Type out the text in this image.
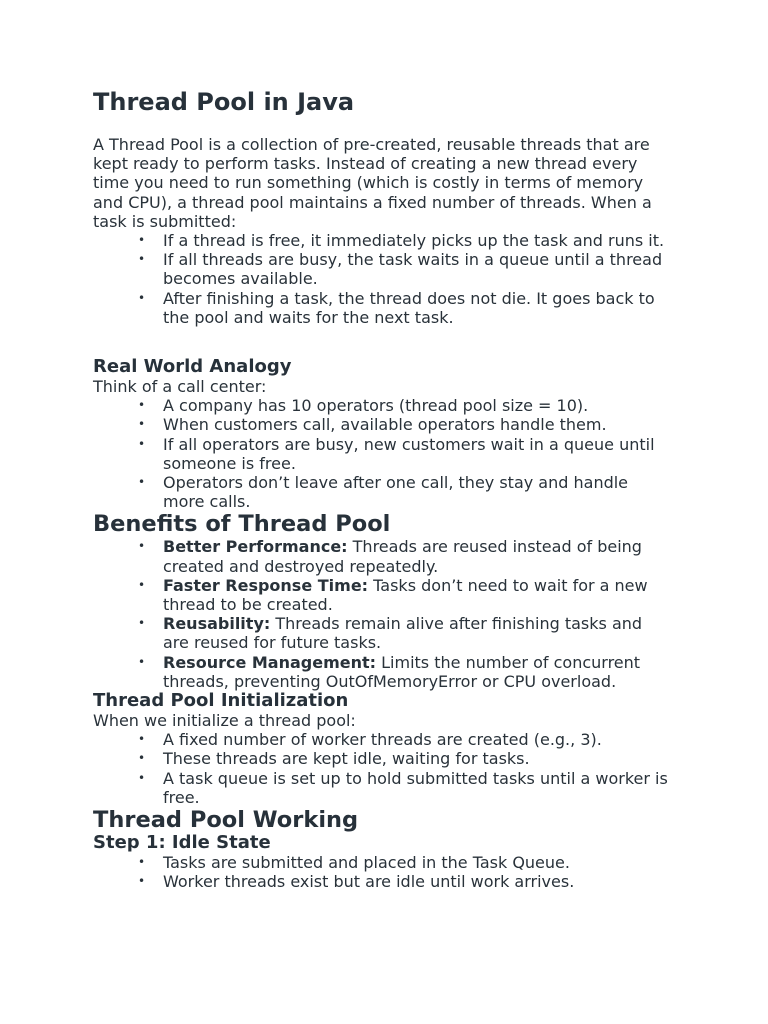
Thread Pool in Java

A Thread Pool is a collection of pre-created, reusable threads that are kept ready to perform tasks. Instead of creating a new thread every time you need to run something (which is costly in terms of memory and CPU), a thread pool maintains a fixed number of threads. When a task is submitted:

• If a thread is free, it immediately picks up the task and runs it.
• If all threads are busy, the task waits in a queue until a thread becomes available.
• After finishing a task, the thread does not die. It goes back to the pool and waits for the next task.
Real World Analogy

Think of a call center:

• A company has 10 operators (thread pool size = 10).
• When customers call, available operators handle them.
• If all operators are busy, new customers wait in a queue until someone is free.
• Operators don’t leave after one call, they stay and handle more calls.
Benefits of Thread Pool
• Better Performance: Threads are reused instead of being created and destroyed repeatedly.
• Faster Response Time: Tasks don’t need to wait for a new thread to be created.
• Reusability: Threads remain alive after finishing tasks and are reused for future tasks.
• Resource Management: Limits the number of concurrent threads, preventing OutOfMemoryError or CPU overload.
Thread Pool Initialization

When we initialize a thread pool:

• A fixed number of worker threads are created (e.g., 3).
• These threads are kept idle, waiting for tasks.
• A task queue is set up to hold submitted tasks until a worker is free.
Thread Pool Working
Step 1: Idle State
• Tasks are submitted and placed in the Task Queue.
• Worker threads exist but are idle until work arrives.
